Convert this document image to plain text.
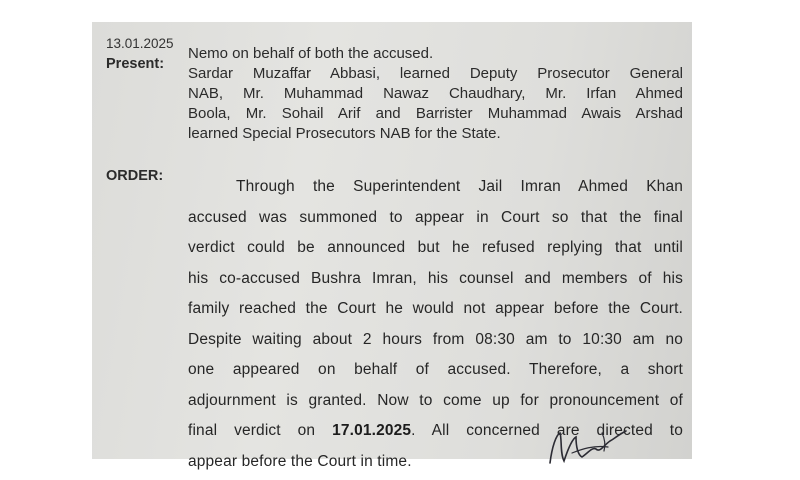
13.01.2025
Present:
Nemo on behalf of both the accused.
Sardar Muzaffar Abbasi, learned Deputy Prosecutor General
NAB, Mr. Muhammad Nawaz Chaudhary, Mr. Irfan Ahmed
Boola, Mr. Sohail Arif and Barrister Muhammad Awais Arshad
learned Special Prosecutors NAB for the State.
ORDER:
Through the Superintendent Jail Imran Ahmed Khan
accused was summoned to appear in Court so that the final
verdict could be announced but he refused replying that until
his co-accused Bushra Imran, his counsel and members of his
family reached the Court he would not appear before the Court.
Despite waiting about 2 hours from 08:30 am to 10:30 am no
one appeared on behalf of accused. Therefore, a short
adjournment is granted. Now to come up for pronouncement of
final verdict on 17.01.2025. All concerned are directed to
appear before the Court in time.
